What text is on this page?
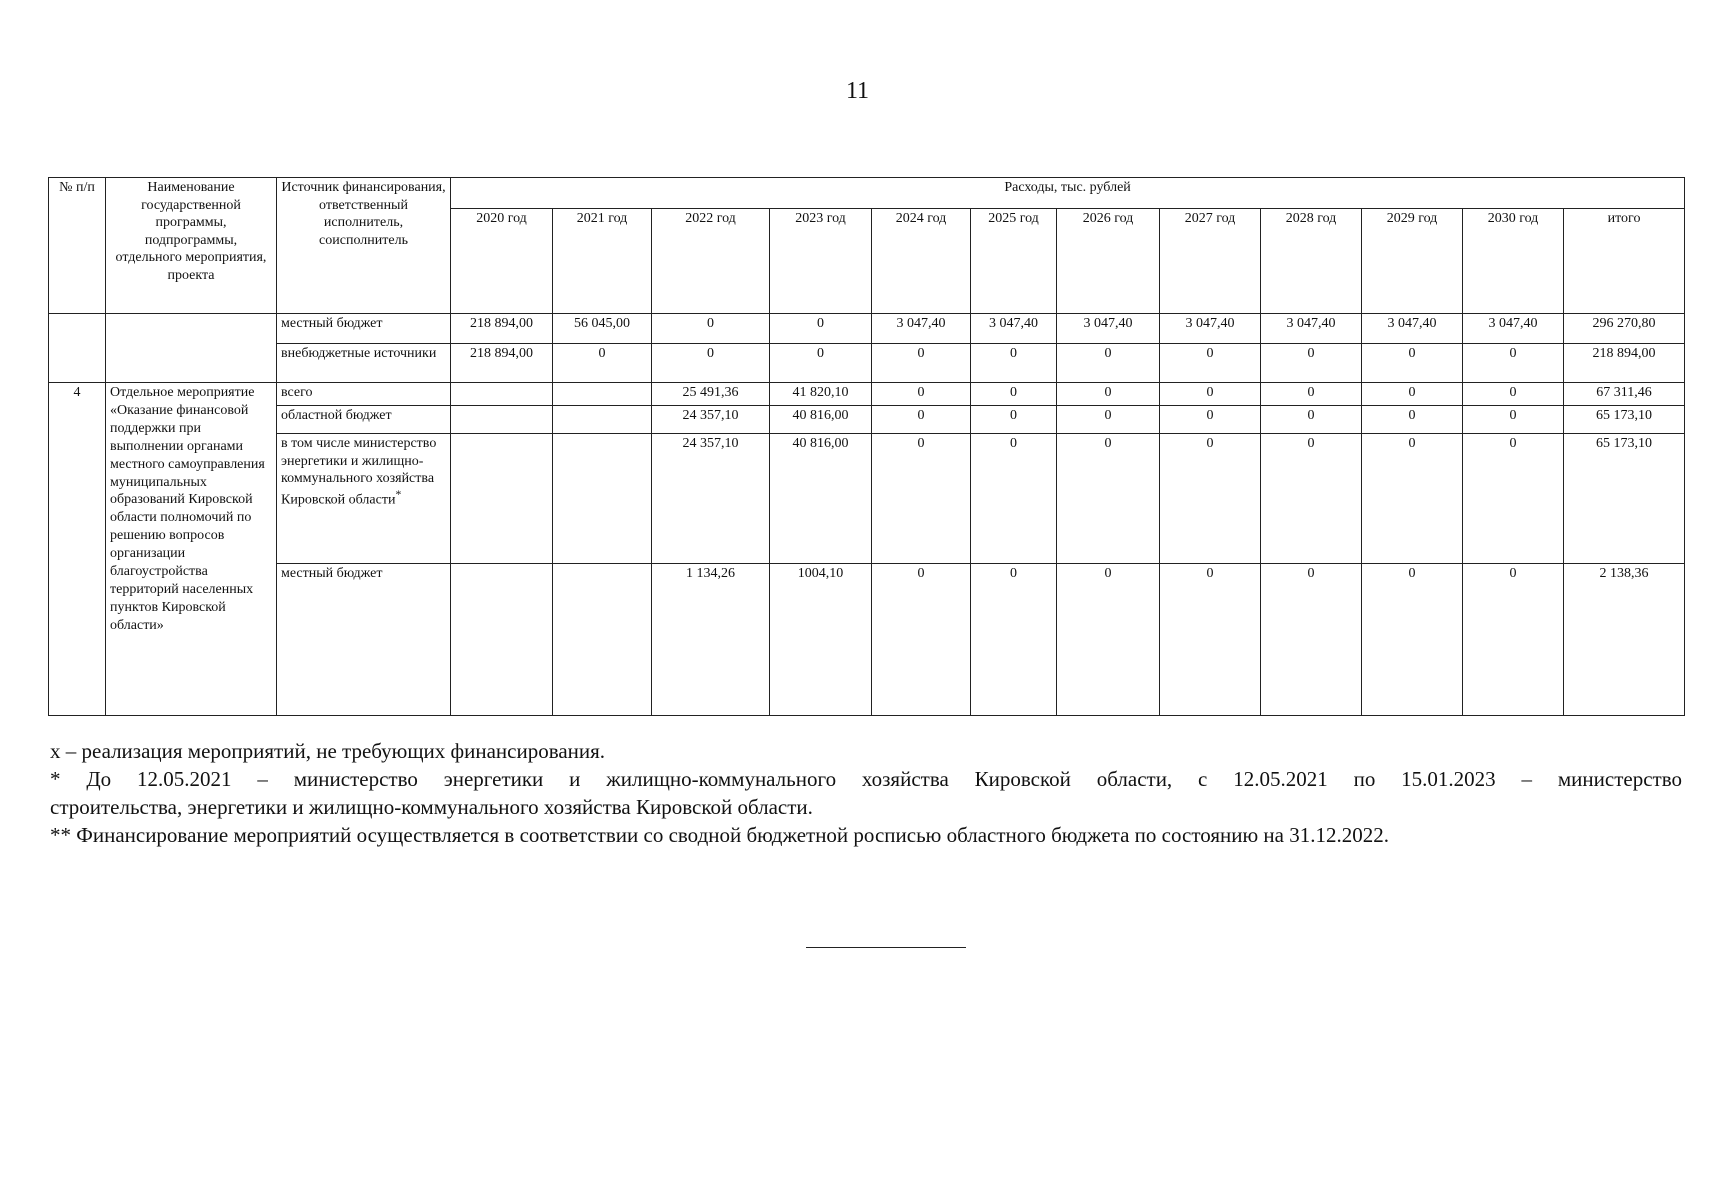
11
№ п/п	Наименование государственной программы, подпрограммы, отдельного мероприятия, проекта	Источник финансирования, ответственный исполнитель, соисполнитель	Расходы, тыс. рублей											
			2020 год	2021 год	2022 год	2023 год	2024 год	2025 год	2026 год	2027 год	2028 год	2029 год	2030 год	итого
		местный бюджет	218 894,00	56 045,00	0	0	3 047,40	3 047,40	3 047,40	3 047,40	3 047,40	3 047,40	3 047,40	296 270,80
		внебюджетные источники	218 894,00	0	0	0	0	0	0	0	0	0	0	218 894,00
4	Отдельное мероприятие «Оказание финансовой поддержки при выполнении органами местного самоуправления муниципальных образований Кировской области полномочий по решению вопросов организации благоустройства территорий населенных пунктов Кировской области»	всего			25 491,36	41 820,10	0	0	0	0	0	0	0	67 311,46
		областной бюджет			24 357,10	40 816,00	0	0	0	0	0	0	0	65 173,10
		в том числе министерство энергетики и жилищно-коммунального хозяйства Кировской области*			24 357,10	40 816,00	0	0	0	0	0	0	0	65 173,10
		местный бюджет			1 134,26	1004,10	0	0	0	0	0	0	0	2 138,36

х – реализация мероприятий, не требующих финансирования.

* До 12.05.2021 – министерство энергетики и жилищно-коммунального хозяйства Кировской области, с 12.05.2021 по 15.01.2023 – министерство

строительства, энергетики и жилищно-коммунального хозяйства Кировской области.

** Финансирование мероприятий осуществляется в соответствии со сводной бюджетной росписью областного бюджета по состоянию на 31.12.2022.
